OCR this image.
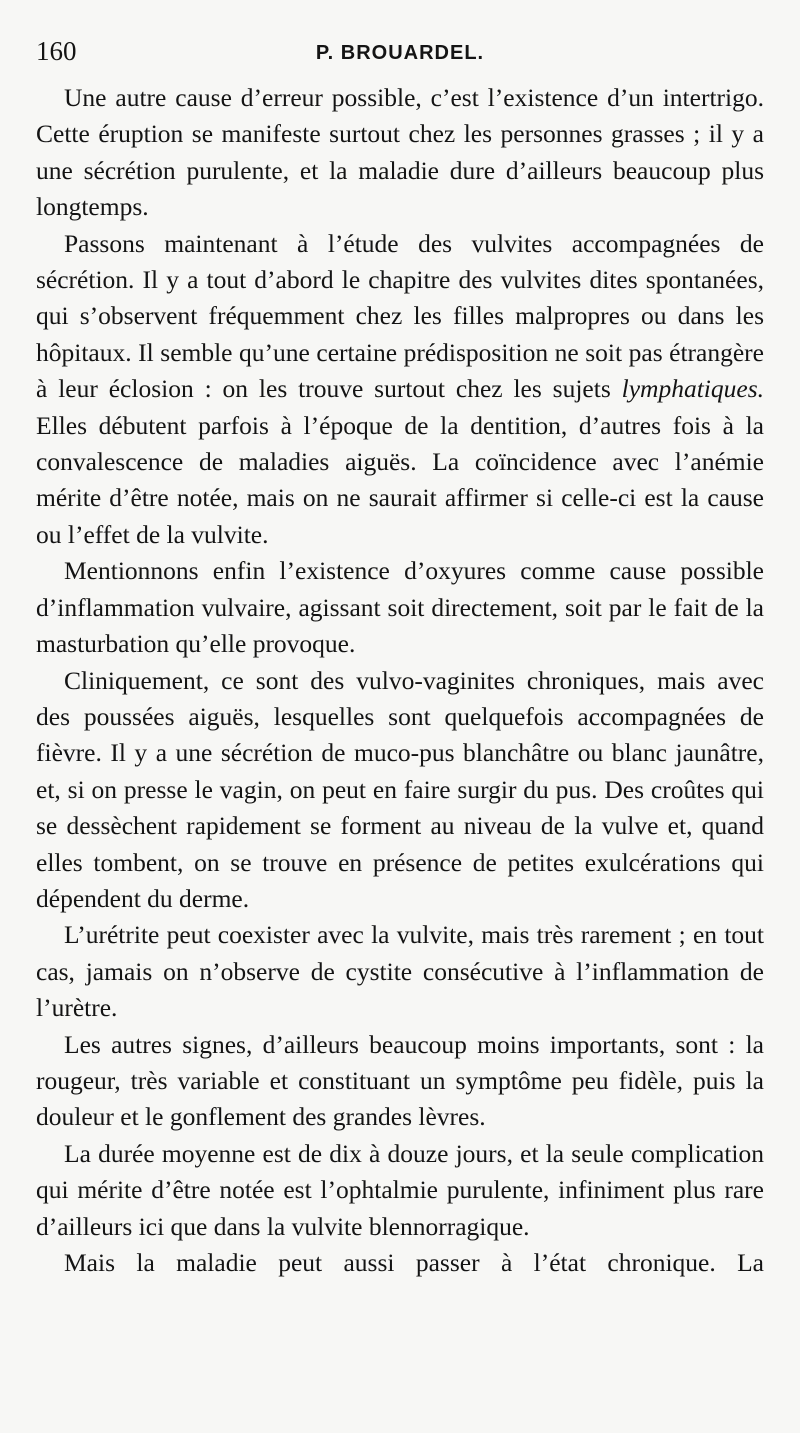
160	P. BROUARDEL.

Une autre cause d’erreur possible, c’est l’existence d’un intertrigo. Cette éruption se manifeste surtout chez les personnes grasses ; il y a une sécrétion purulente, et la maladie dure d’ailleurs beaucoup plus longtemps.

Passons maintenant à l’étude des vulvites accompagnées de sécrétion. Il y a tout d’abord le chapitre des vulvites dites spontanées, qui s’observent fréquemment chez les filles malpropres ou dans les hôpitaux. Il semble qu’une certaine prédisposition ne soit pas étrangère à leur éclosion : on les trouve surtout chez les sujets lymphatiques. Elles débutent parfois à l’époque de la dentition, d’autres fois à la convalescence de maladies aiguës. La coïncidence avec l’anémie mérite d’être notée, mais on ne saurait affirmer si celle-ci est la cause ou l’effet de la vulvite.

Mentionnons enfin l’existence d’oxyures comme cause possible d’inflammation vulvaire, agissant soit directement, soit par le fait de la masturbation qu’elle provoque.

Cliniquement, ce sont des vulvo-vaginites chroniques, mais avec des poussées aiguës, lesquelles sont quelquefois accompagnées de fièvre. Il y a une sécrétion de muco-pus blanchâtre ou blanc jaunâtre, et, si on presse le vagin, on peut en faire surgir du pus. Des croûtes qui se dessèchent rapidement se forment au niveau de la vulve et, quand elles tombent, on se trouve en présence de petites exulcérations qui dépendent du derme.

L’urétrite peut coexister avec la vulvite, mais très rarement ; en tout cas, jamais on n’observe de cystite consécutive à l’inflammation de l’urètre.

Les autres signes, d’ailleurs beaucoup moins importants, sont : la rougeur, très variable et constituant un symptôme peu fidèle, puis la douleur et le gonflement des grandes lèvres.

La durée moyenne est de dix à douze jours, et la seule complication qui mérite d’être notée est l’ophtalmie purulente, infiniment plus rare d’ailleurs ici que dans la vulvite blennorragique.

Mais la maladie peut aussi passer à l’état chronique. La
